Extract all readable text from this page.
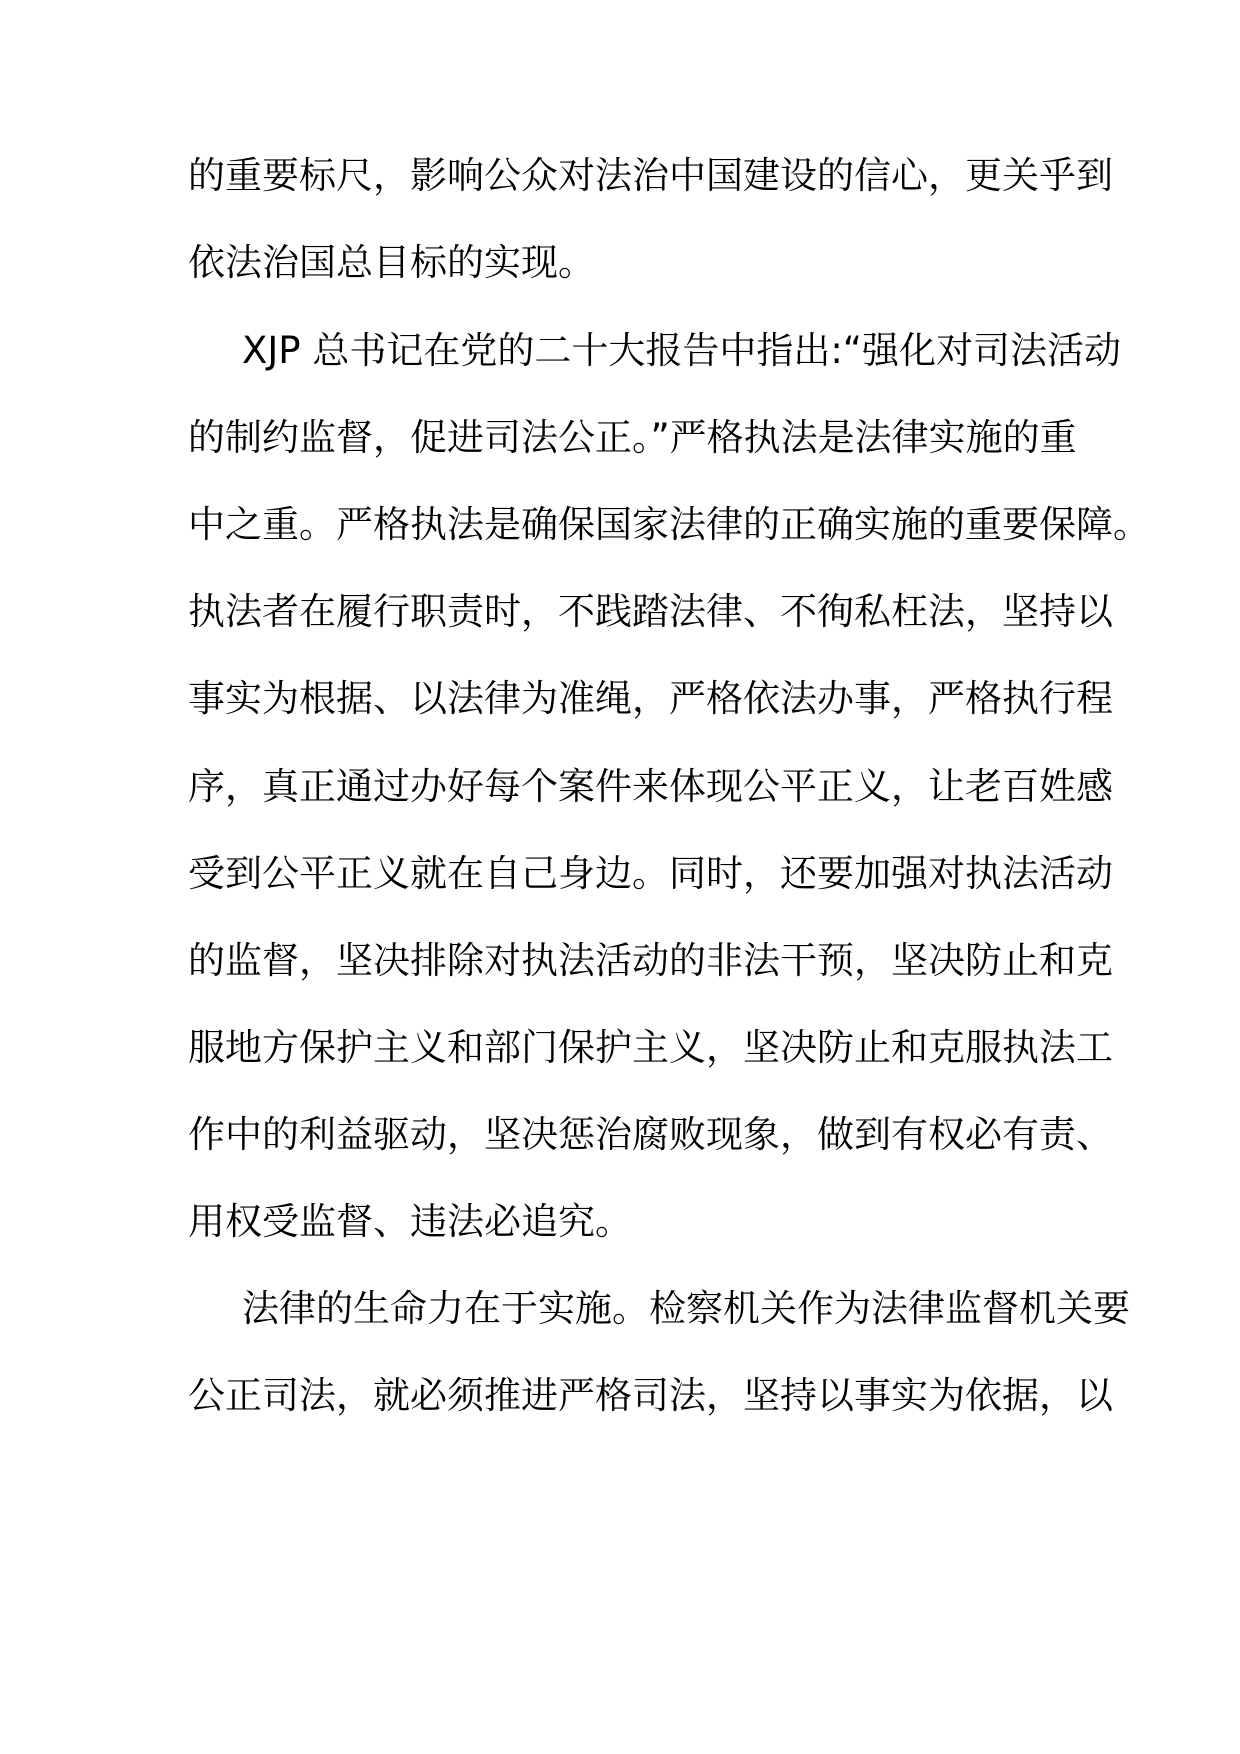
的重要标尺，影响公众对法治中国建设的信心，更关乎到
依法治国总目标的实现。
XJP 总书记在党的二十大报告中指出:“强化对司法活动
的制约监督，促进司法公正。”严格执法是法律实施的重
中之重。严格执法是确保国家法律的正确实施的重要保障。
执法者在履行职责时，不践踏法律、不徇私枉法，坚持以
事实为根据、以法律为准绳，严格依法办事，严格执行程
序，真正通过办好每个案件来体现公平正义，让老百姓感
受到公平正义就在自己身边。同时，还要加强对执法活动
的监督，坚决排除对执法活动的非法干预，坚决防止和克
服地方保护主义和部门保护主义，坚决防止和克服执法工
作中的利益驱动，坚决惩治腐败现象，做到有权必有责、
用权受监督、违法必追究。
法律的生命力在于实施。检察机关作为法律监督机关要
公正司法，就必须推进严格司法，坚持以事实为依据，以
